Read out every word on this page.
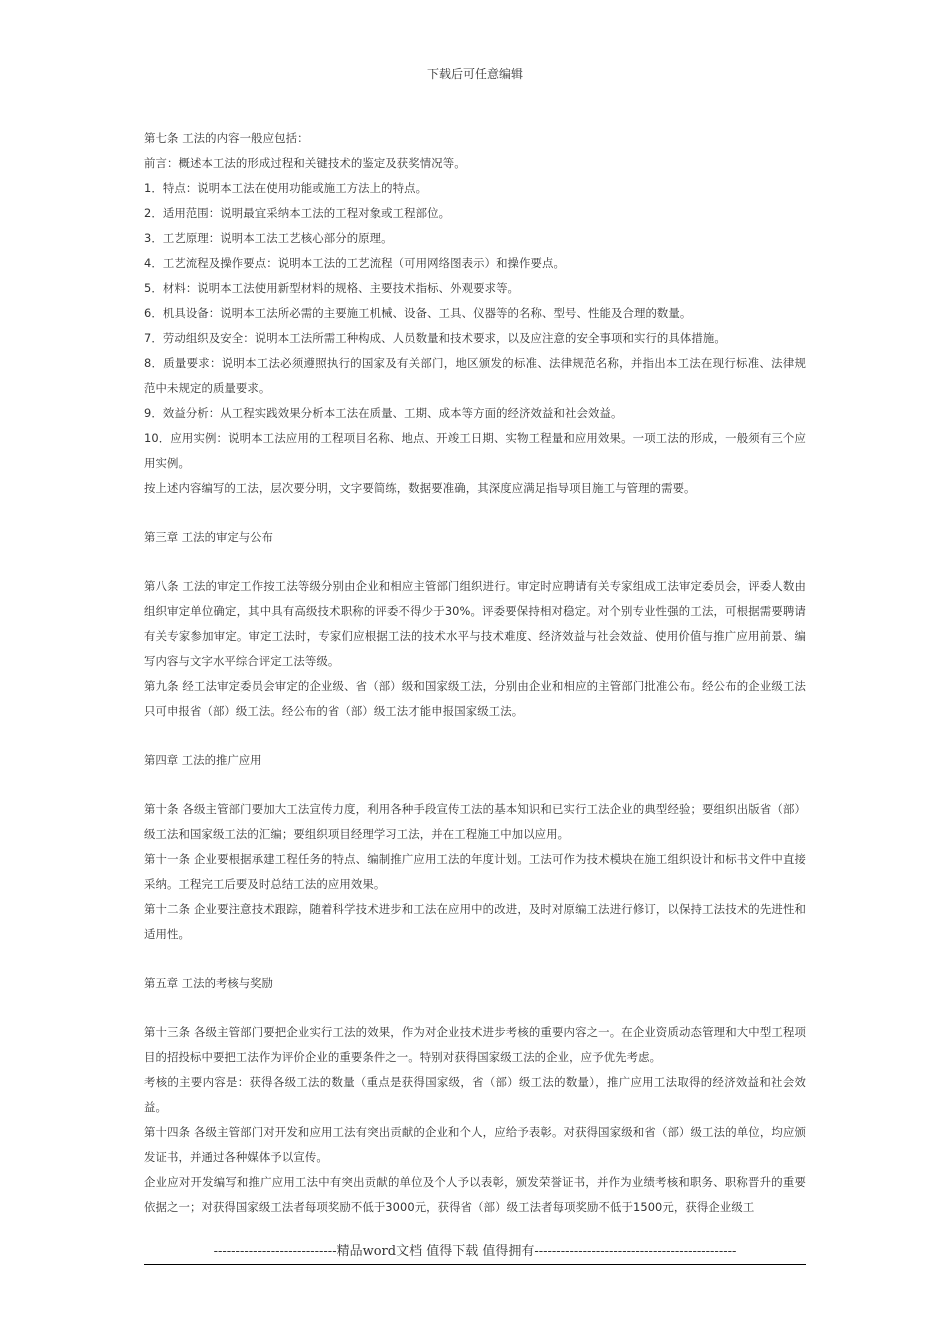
下载后可任意编辑

第七条 工法的内容一般应包括：

前言：概述本工法的形成过程和关键技术的鉴定及获奖情况等。

1．特点：说明本工法在使用功能或施工方法上的特点。

2．适用范围：说明最宜采纳本工法的工程对象或工程部位。

3．工艺原理：说明本工法工艺核心部分的原理。

4．工艺流程及操作要点：说明本工法的工艺流程（可用网络图表示）和操作要点。

5．材料：说明本工法使用新型材料的规格、主要技术指标、外观要求等。

6．机具设备：说明本工法所必需的主要施工机械、设备、工具、仪器等的名称、型号、性能及合理的数量。

7．劳动组织及安全：说明本工法所需工种构成、人员数量和技术要求，以及应注意的安全事项和实行的具体措施。

8．质量要求：说明本工法必须遵照执行的国家及有关部门，地区颁发的标准、法律规范名称，并指出本工法在现行标准、法律规范中未规定的质量要求。

9．效益分析：从工程实践效果分析本工法在质量、工期、成本等方面的经济效益和社会效益。

10．应用实例：说明本工法应用的工程项目名称、地点、开竣工日期、实物工程量和应用效果。一项工法的形成，一般须有三个应用实例。

按上述内容编写的工法，层次要分明，文字要简练，数据要准确，其深度应满足指导项目施工与管理的需要。

第三章 工法的审定与公布

第八条 工法的审定工作按工法等级分别由企业和相应主管部门组织进行。审定时应聘请有关专家组成工法审定委员会，评委人数由组织审定单位确定，其中具有高级技术职称的评委不得少于30%。评委要保持相对稳定。对个别专业性强的工法，可根据需要聘请有关专家参加审定。审定工法时，专家们应根据工法的技术水平与技术难度、经济效益与社会效益、使用价值与推广应用前景、编写内容与文字水平综合评定工法等级。

第九条 经工法审定委员会审定的企业级、省（部）级和国家级工法，分别由企业和相应的主管部门批准公布。经公布的企业级工法只可申报省（部）级工法。经公布的省（部）级工法才能申报国家级工法。

第四章 工法的推广应用

第十条 各级主管部门要加大工法宣传力度，利用各种手段宣传工法的基本知识和已实行工法企业的典型经验；要组织出版省（部）级工法和国家级工法的汇编；要组织项目经理学习工法，并在工程施工中加以应用。

第十一条 企业要根据承建工程任务的特点、编制推广应用工法的年度计划。工法可作为技术模块在施工组织设计和标书文件中直接采纳。工程完工后要及时总结工法的应用效果。

第十二条 企业要注意技术跟踪，随着科学技术进步和工法在应用中的改进，及时对原编工法进行修订，以保持工法技术的先进性和适用性。

第五章 工法的考核与奖励

第十三条 各级主管部门要把企业实行工法的效果，作为对企业技术进步考核的重要内容之一。在企业资质动态管理和大中型工程项目的招投标中要把工法作为评价企业的重要条件之一。特别对获得国家级工法的企业，应予优先考虑。

考核的主要内容是：获得各级工法的数量（重点是获得国家级，省（部）级工法的数量），推广应用工法取得的经济效益和社会效益。

第十四条 各级主管部门对开发和应用工法有突出贡献的企业和个人，应给予表彰。对获得国家级和省（部）级工法的单位，均应颁发证书，并通过各种媒体予以宣传。

企业应对开发编写和推广应用工法中有突出贡献的单位及个人予以表彰，颁发荣誉证书，并作为业绩考核和职务、职称晋升的重要依据之一；对获得国家级工法者每项奖励不低于3000元，获得省（部）级工法者每项奖励不低于1500元，获得企业级工

----------------------------精品word文档 值得下载 值得拥有----------------------------------------------
